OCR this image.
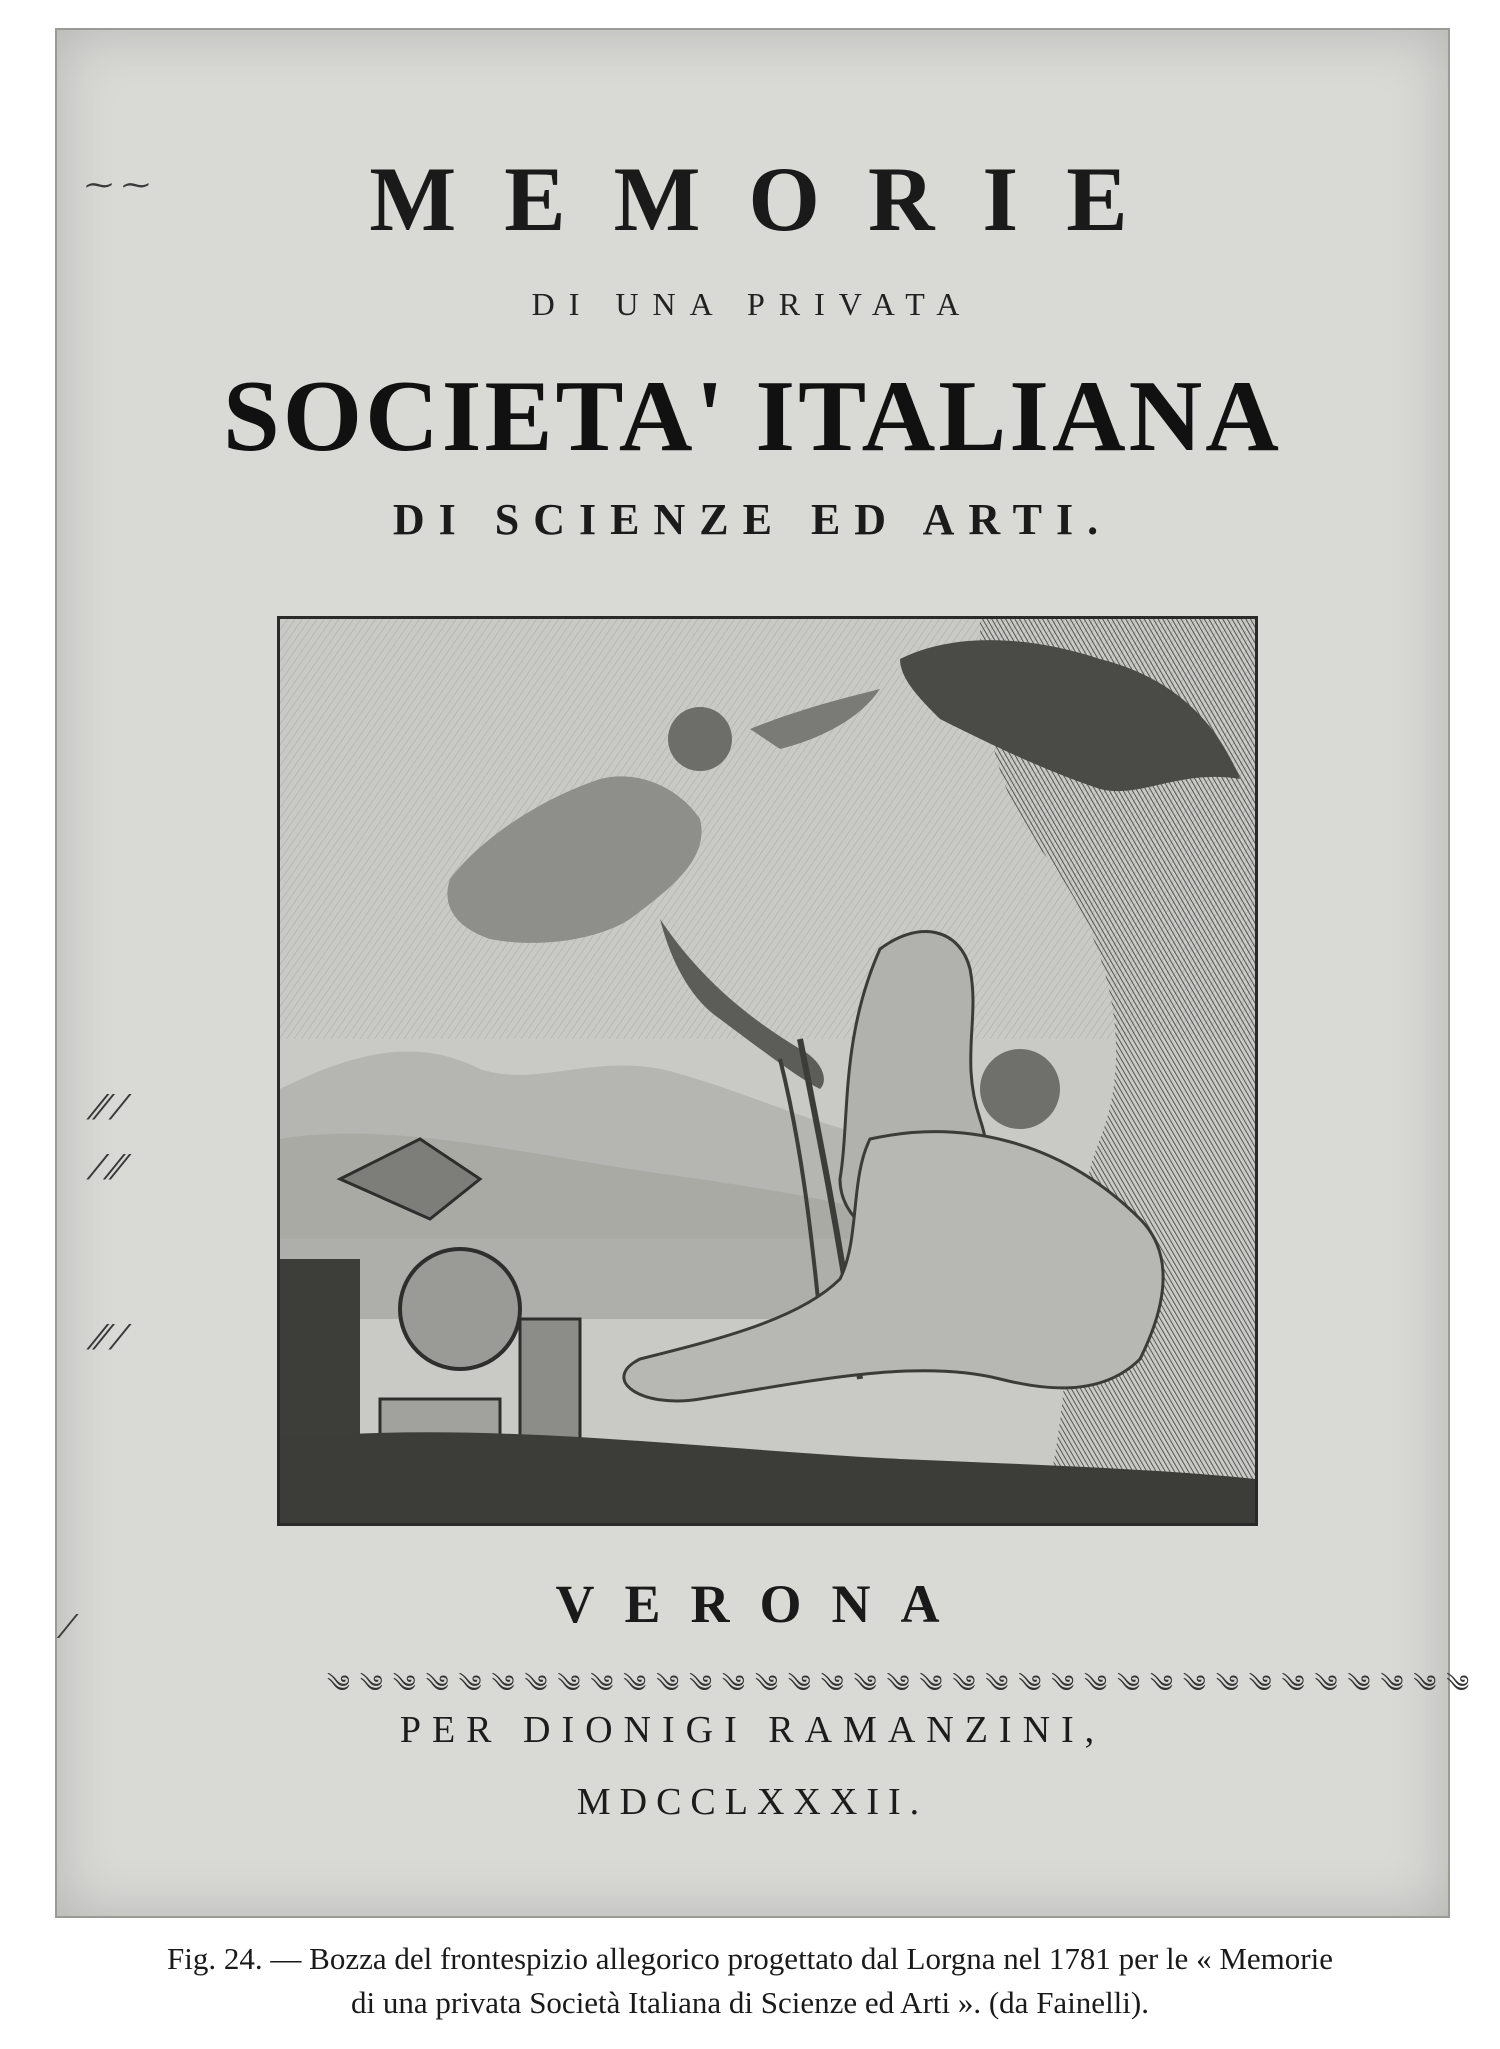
MEMORIE
DI UNA PRIVATA
SOCIETA' ITALIANA
DI SCIENZE ED ARTI.
VERONA
༄ ༄ ༄ ༄ ༄ ༄ ༄ ༄ ༄ ༄ ༄ ༄ ༄ ༄ ༄ ༄ ༄ ༄ ༄ ༄ ༄ ༄ ༄ ༄ ༄ ༄ ༄ ༄ ༄ ༄ ༄ ༄ ༄ ༄ ༄
PER DIONIGI RAMANZINI,
MDCCLXXXII.
⁓ ⁓
⁄⁄ ⁄
⁄ ⁄⁄
⁄⁄ ⁄
⁄
Fig. 24. — Bozza del frontespizio allegorico progettato dal Lorgna nel 1781 per le « Memorie
di una privata Società Italiana di Scienze ed Arti ». (da Fainelli).
